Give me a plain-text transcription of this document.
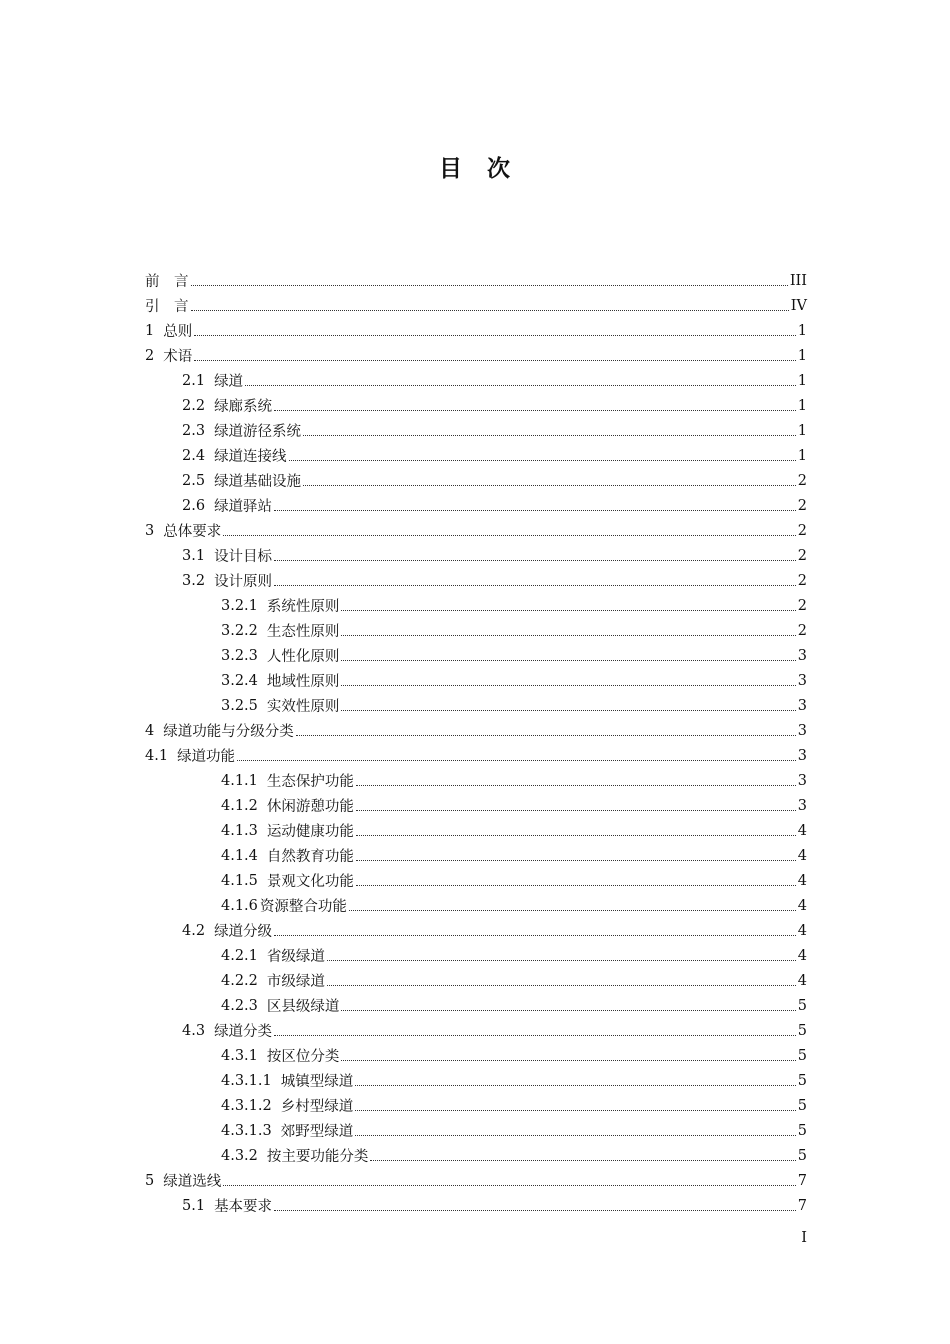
目　次
前　言	III
引　言	IV
1 总则	1
2 术语	1
2.1 绿道	1
2.2 绿廊系统	1
2.3 绿道游径系统	1
2.4 绿道连接线	1
2.5 绿道基础设施	2
2.6 绿道驿站	2
3 总体要求	2
3.1 设计目标	2
3.2 设计原则	2
3.2.1 系统性原则	2
3.2.2 生态性原则	2
3.2.3 人性化原则	3
3.2.4 地域性原则	3
3.2.5 实效性原则	3
4 绿道功能与分级分类	3
4.1 绿道功能	3
4.1.1 生态保护功能	3
4.1.2 休闲游憩功能	3
4.1.3 运动健康功能	4
4.1.4 自然教育功能	4
4.1.5 景观文化功能	4
4.1.6 资源整合功能	4
4.2 绿道分级	4
4.2.1 省级绿道	4
4.2.2 市级绿道	4
4.2.3 区县级绿道	5
4.3 绿道分类	5
4.3.1 按区位分类	5
4.3.1.1 城镇型绿道	5
4.3.1.2 乡村型绿道	5
4.3.1.3 郊野型绿道	5
4.3.2 按主要功能分类	5
5 绿道选线	7
5.1 基本要求	7
I
